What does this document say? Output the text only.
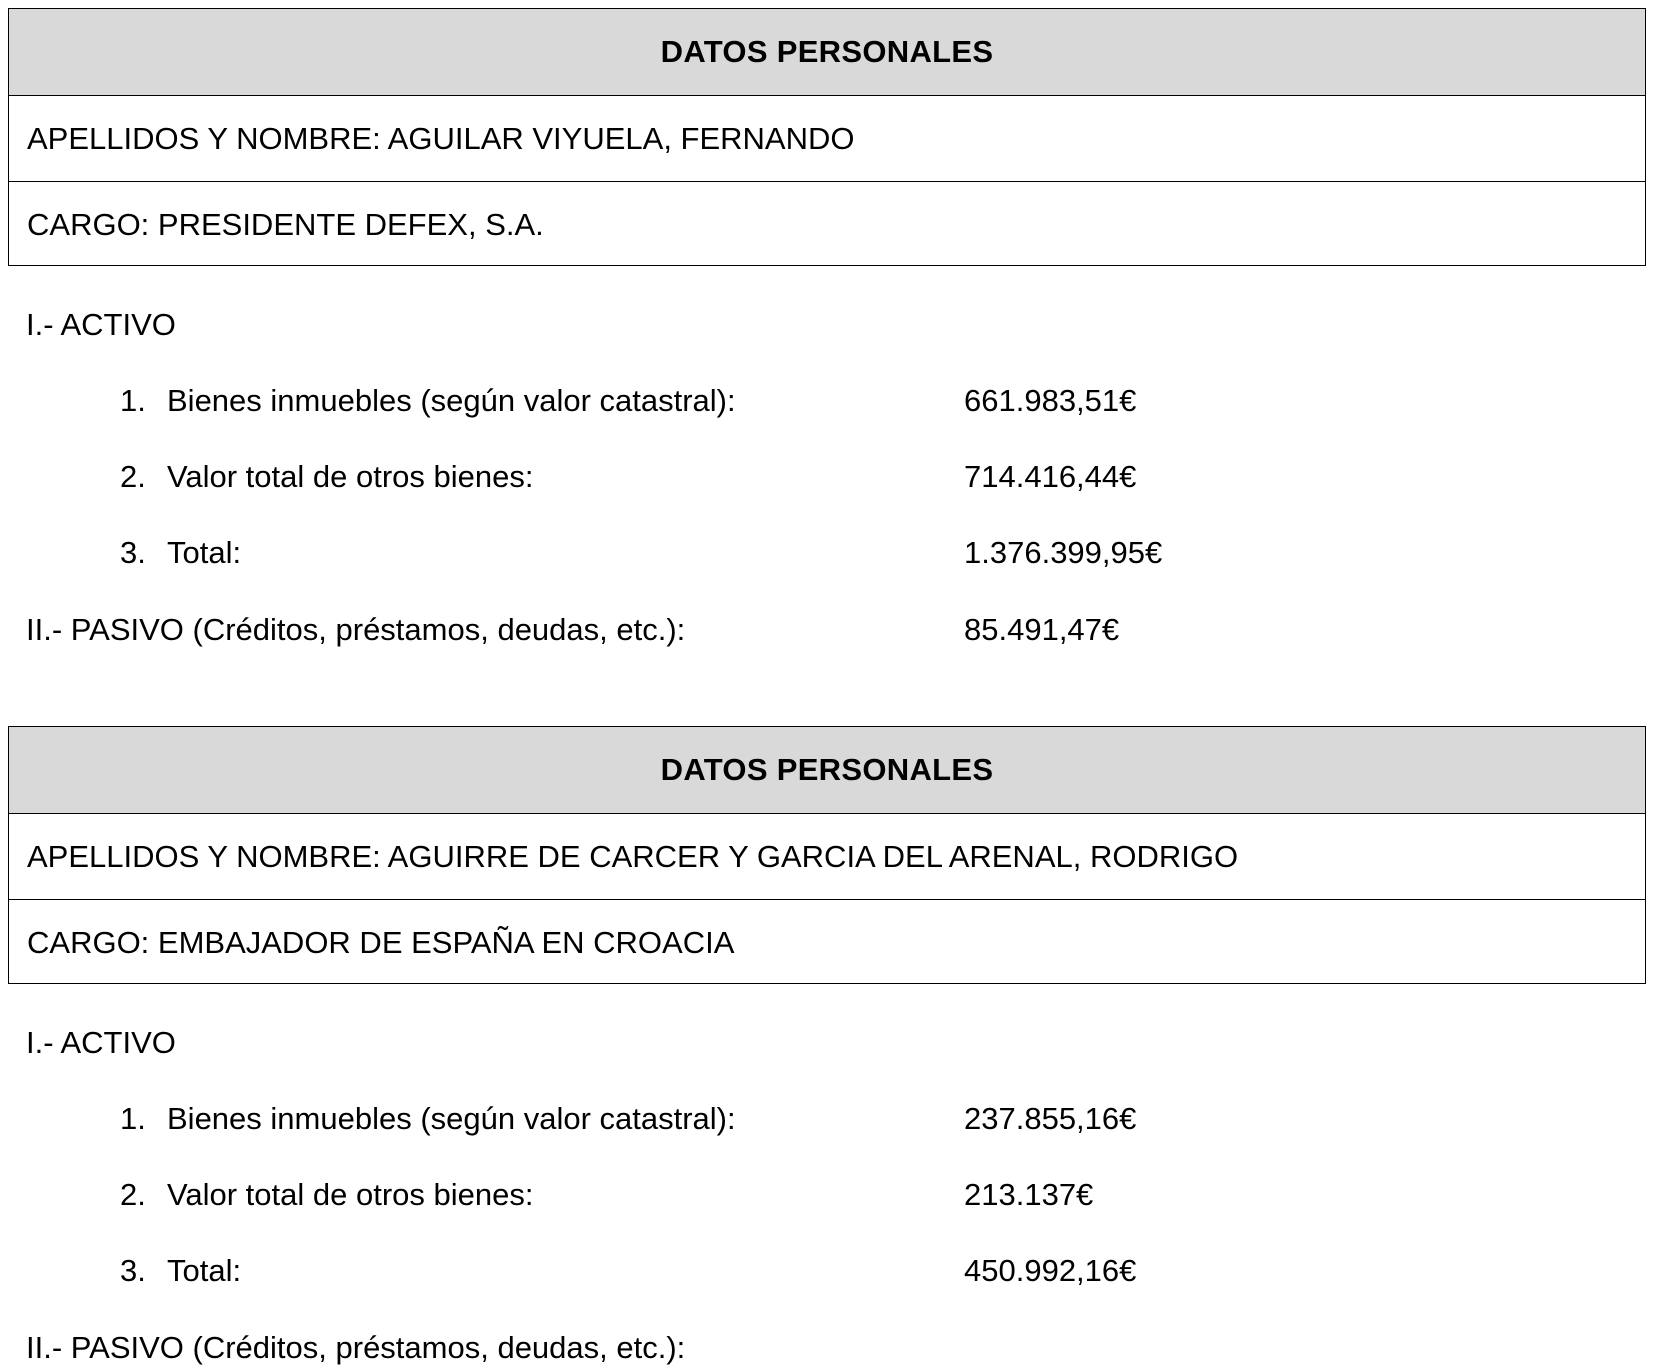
DATOS PERSONALES
APELLIDOS Y NOMBRE: AGUILAR VIYUELA, FERNANDO
CARGO: PRESIDENTE DEFEX, S.A.
I.- ACTIVO
1. Bienes inmuebles (según valor catastral):	661.983,51€
2. Valor total de otros bienes:	714.416,44€
3. Total:	1.376.399,95€
II.- PASIVO (Créditos, préstamos, deudas, etc.):	85.491,47€
DATOS PERSONALES
APELLIDOS Y NOMBRE: AGUIRRE DE CARCER Y GARCIA DEL ARENAL, RODRIGO
CARGO: EMBAJADOR DE ESPAÑA EN CROACIA
I.- ACTIVO
1. Bienes inmuebles (según valor catastral):	237.855,16€
2. Valor total de otros bienes:	213.137€
3. Total:	450.992,16€
II.- PASIVO (Créditos, préstamos, deudas, etc.):
